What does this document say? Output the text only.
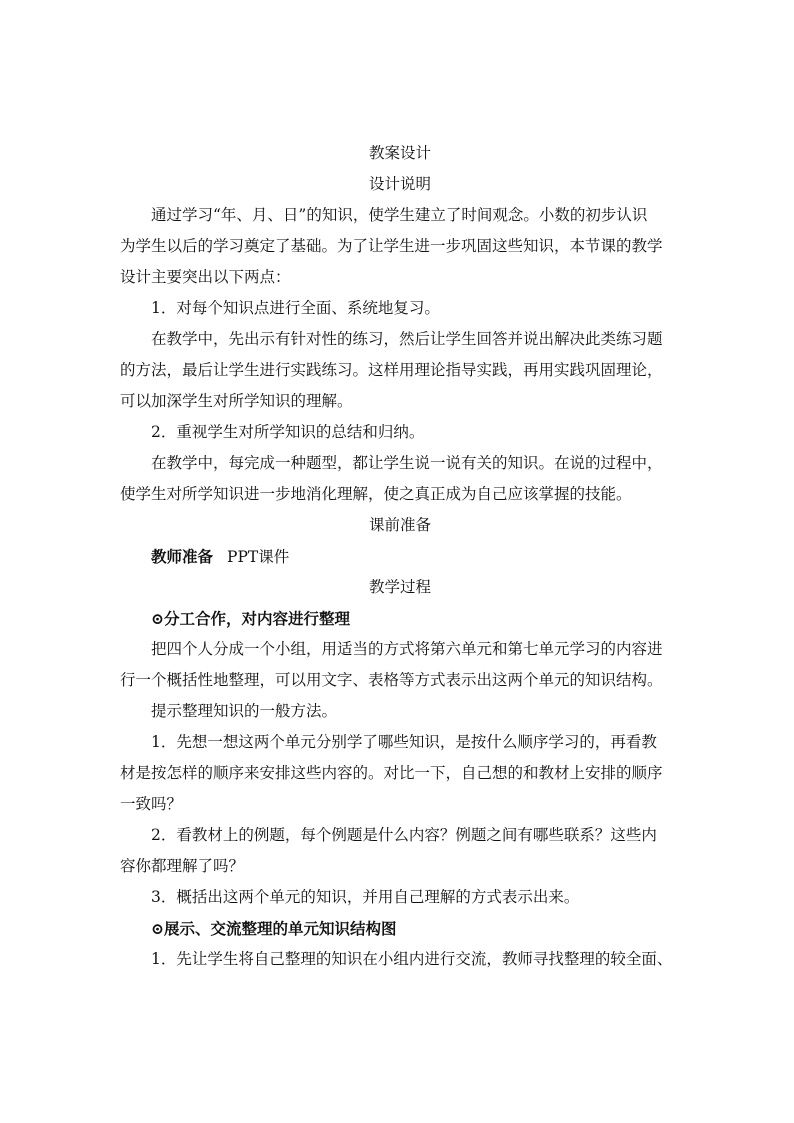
教案设计
设计说明
通过学习“年、月、日”的知识，使学生建立了时间观念。小数的初步认识
为学生以后的学习奠定了基础。为了让学生进一步巩固这些知识，本节课的教学
设计主要突出以下两点：
1．对每个知识点进行全面、系统地复习。
在教学中，先出示有针对性的练习，然后让学生回答并说出解决此类练习题
的方法，最后让学生进行实践练习。这样用理论指导实践，再用实践巩固理论，
可以加深学生对所学知识的理解。
2．重视学生对所学知识的总结和归纳。
在教学中，每完成一种题型，都让学生说一说有关的知识。在说的过程中，
使学生对所学知识进一步地消化理解，使之真正成为自己应该掌握的技能。
课前准备
教师准备 PPT课件
教学过程
⊙分工合作，对内容进行整理
把四个人分成一个小组，用适当的方式将第六单元和第七单元学习的内容进
行一个概括性地整理，可以用文字、表格等方式表示出这两个单元的知识结构。
提示整理知识的一般方法。
1．先想一想这两个单元分别学了哪些知识，是按什么顺序学习的，再看教
材是按怎样的顺序来安排这些内容的。对比一下，自己想的和教材上安排的顺序
一致吗？
2．看教材上的例题，每个例题是什么内容？例题之间有哪些联系？这些内
容你都理解了吗？
3．概括出这两个单元的知识，并用自己理解的方式表示出来。
⊙展示、交流整理的单元知识结构图
1．先让学生将自己整理的知识在小组内进行交流，教师寻找整理的较全面、
